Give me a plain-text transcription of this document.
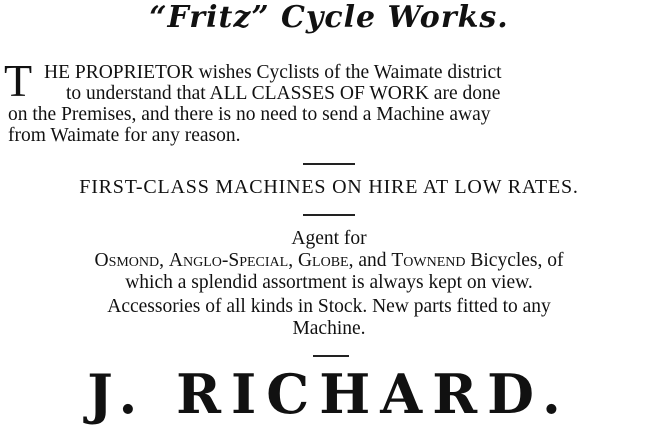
“Fritz” Cycle Works.
T HE PROPRIETOR wishes Cyclists of the Waimate district
to understand that ALL CLASSES OF WORK are done
on the Premises, and there is no need to send a Machine away
from Waimate for any reason.
FIRST-CLASS MACHINES ON HIRE AT LOW RATES.
Agent for
Osmond, Anglo-Special, Globe, and Townend Bicycles, of
which a splendid assortment is always kept on view.
Accessories of all kinds in Stock. New parts fitted to any
Machine.
J. RICHARD.
